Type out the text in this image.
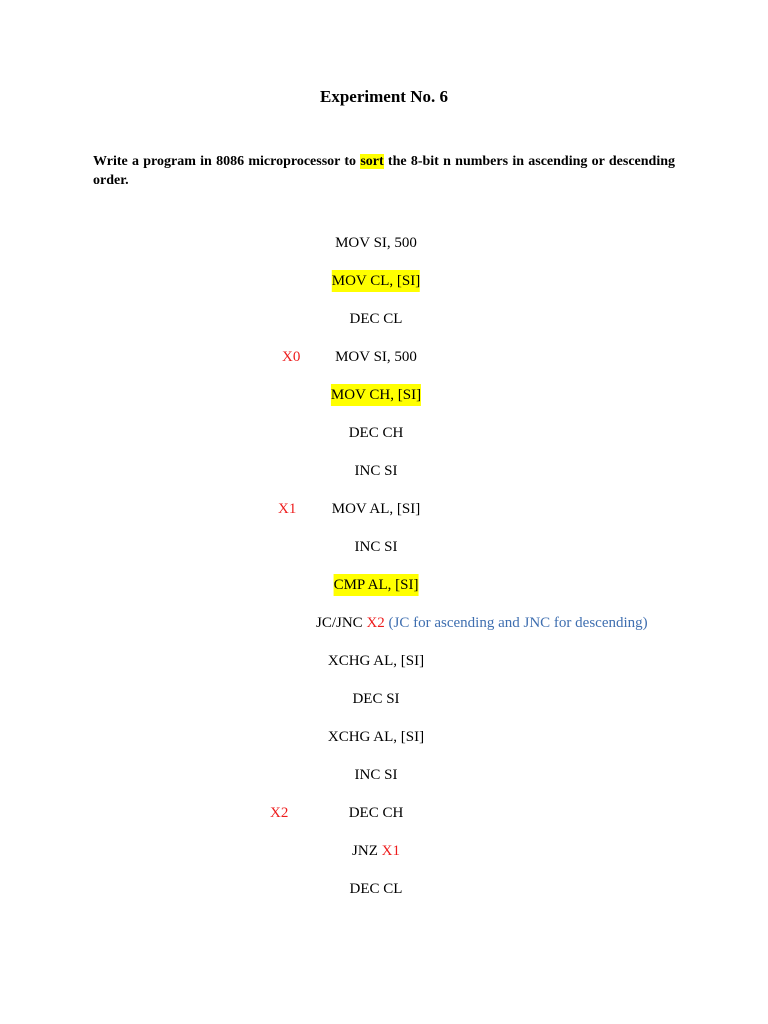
Experiment No. 6
Write a program in 8086 microprocessor to sort the 8-bit n numbers in ascending or descending order.
MOV SI, 500
MOV CL, [SI]
DEC CL
X0 MOV SI, 500
MOV CH, [SI]
DEC CH
INC SI
X1 MOV AL, [SI]
INC SI
CMP AL, [SI]
JC/JNC X2 (JC for ascending and JNC for descending)
XCHG AL, [SI]
DEC SI
XCHG AL, [SI]
INC SI
X2	DEC CH
JNZ X1
DEC CL
